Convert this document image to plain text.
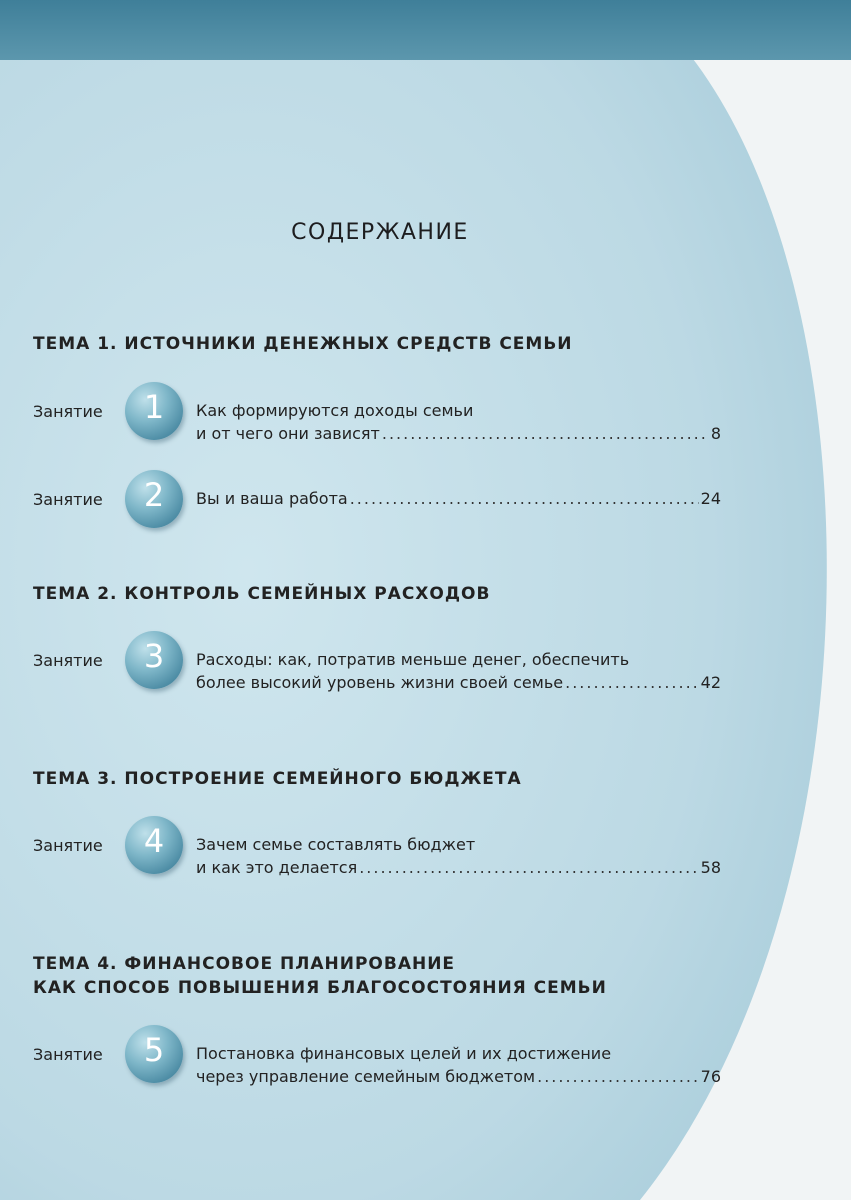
СОДЕРЖАНИЕ
ТЕМА 1. ИСТОЧНИКИ ДЕНЕЖНЫХ СРЕДСТВ СЕМЬИ
Занятие	1	Как формируются доходы семьи
и от чего они зависят .....	8
Занятие	2	Вы и ваша работа .....	24
ТЕМА 2. КОНТРОЛЬ СЕМЕЙНЫХ РАСХОДОВ
Занятие	3	Расходы: как, потратив меньше денег, обеспечить
более высокий уровень жизни своей семье .....	42
ТЕМА 3. ПОСТРОЕНИЕ СЕМЕЙНОГО БЮДЖЕТА
Занятие	4	Зачем семье составлять бюджет
и как это делается .....	58
ТЕМА 4. ФИНАНСОВОЕ ПЛАНИРОВАНИЕ
КАК СПОСОБ ПОВЫШЕНИЯ БЛАГОСОСТОЯНИЯ СЕМЬИ
Занятие	5	Постановка финансовых целей и их достижение
через управление семейным бюджетом .....	76
